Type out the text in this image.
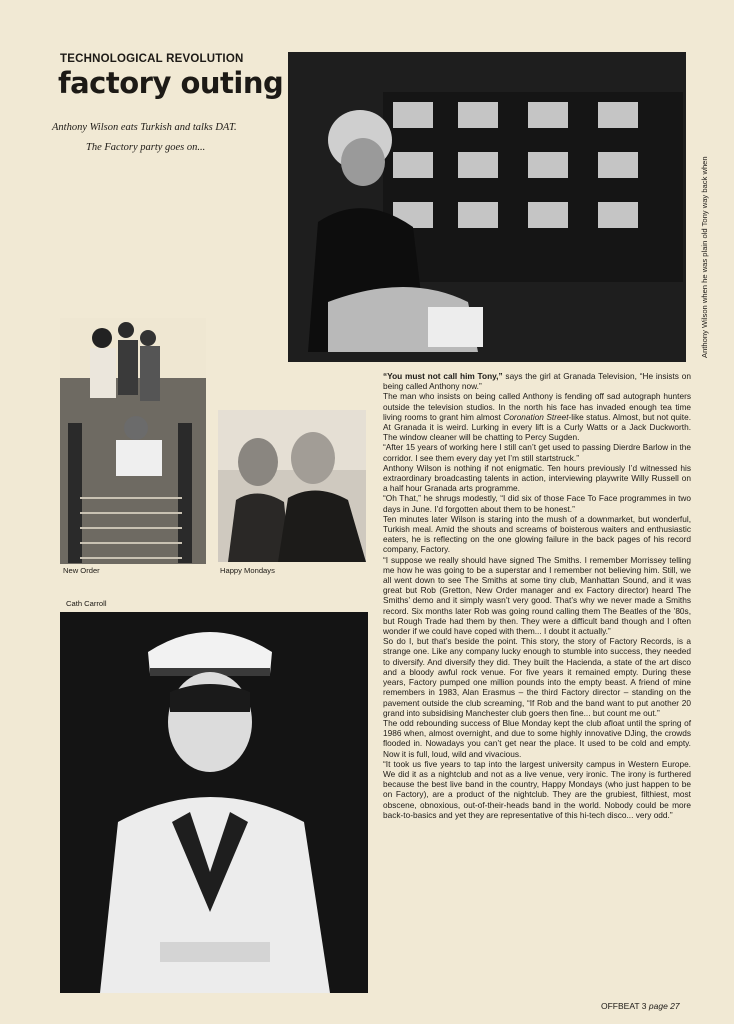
TECHNOLOGICAL REVOLUTION

factory outing

Anthony Wilson eats Turkish and talks DAT.
The Factory party goes on...

Anthony Wilson when he was plain old Tony way back when

New Order	Happy Mondays

Cath Carroll

“You must not call him Tony,” says the girl at Granada Television, “He insists on being called Anthony now.”

The man who insists on being called Anthony is fending off sad autograph hunters outside the television studios. In the north his face has invaded enough tea time living rooms to grant him almost Coronation Street-like status. Almost, but not quite. At Granada it is weird. Lurking in every lift is a Curly Watts or a Jack Duckworth. The window cleaner will be chatting to Percy Sugden.

“After 15 years of working here I still can’t get used to passing Dierdre Barlow in the corridor. I see them every day yet I’m still startstruck.”

Anthony Wilson is nothing if not enigmatic. Ten hours previously I’d witnessed his extraordinary broadcasting talents in action, interviewing playwrite Willy Russell on a half hour Granada arts programme.

“Oh That,” he shrugs modestly, “I did six of those Face To Face programmes in two days in June. I’d forgotten about them to be honest.”

Ten minutes later Wilson is staring into the mush of a downmarket, but wonderful, Turkish meal. Amid the shouts and screams of boisterous waiters and enthusiastic eaters, he is reflecting on the one glowing failure in the back pages of his record company, Factory.

“I suppose we really should have signed The Smiths. I remember Morrissey telling me how he was going to be a superstar and I remember not believing him. Still, we all went down to see The Smiths at some tiny club, Manhattan Sound, and it was great but Rob (Gretton, New Order manager and ex Factory director) heard The Smiths’ demo and it simply wasn’t very good. That’s why we never made a Smiths record. Six months later Rob was going round calling them The Beatles of the ’80s, but Rough Trade had them by then. They were a difficult band though and I often wonder if we could have coped with them... I doubt it actually.”

So do I, but that’s beside the point. This story, the story of Factory Records, is a strange one. Like any company lucky enough to stumble into success, they needed to diversify. And diversify they did. They built the Hacienda, a state of the art disco and a bloody awful rock venue. For five years it remained empty. During these years, Factory pumped one million pounds into the empty beast. A friend of mine remembers in 1983, Alan Erasmus – the third Factory director – standing on the pavement outside the club screaming, “If Rob and the band want to put another 20 grand into subsidising Manchester club goers then fine... but count me out.”

The odd rebounding success of Blue Monday kept the club afloat until the spring of 1986 when, almost overnight, and due to some highly innovative DJing, the crowds flooded in. Nowadays you can’t get near the place. It used to be cold and empty. Now it is full, loud, wild and vivacious.

“It took us five years to tap into the largest university campus in Western Europe. We did it as a nightclub and not as a live venue, very ironic. The irony is furthered because the best live band in the country, Happy Mondays (who just happen to be on Factory), are a product of the nightclub. They are the grubiest, filthiest, most obscene, obnoxious, out-of-their-heads band in the world. Nobody could be more back-to-basics and yet they are representative of this hi-tech disco... very odd.”

OFFBEAT 3 page 27
